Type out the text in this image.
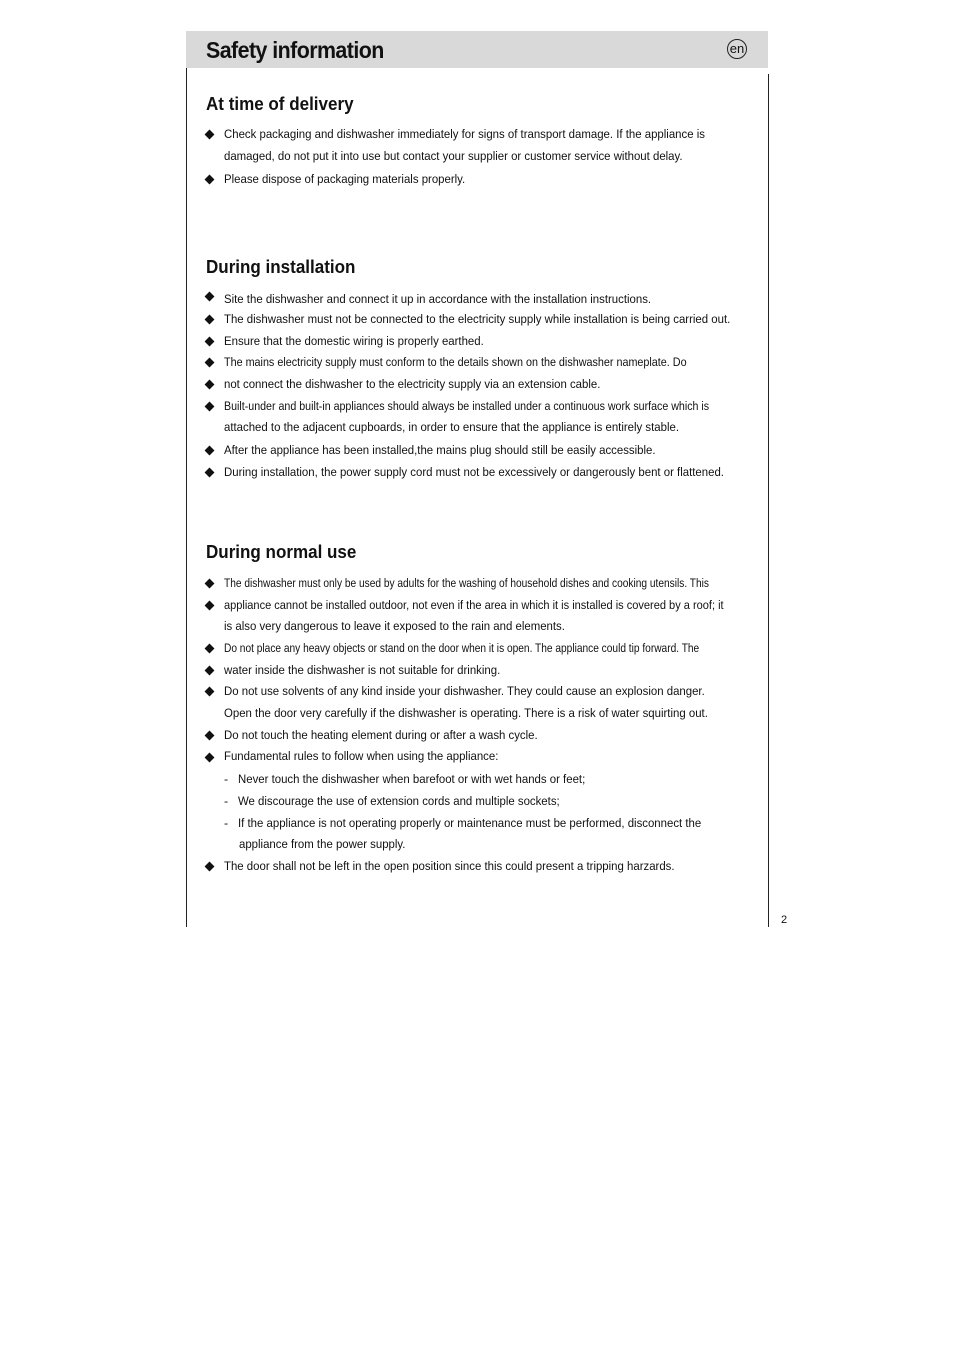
Safety information	en
At time of delivery
Check packaging and dishwasher immediately for signs of transport damage. If the appliance is
damaged, do not put it into use but contact your supplier or customer service without delay.
Please dispose of packaging materials properly.
During installation
Site the dishwasher and connect it up in accordance with the installation instructions.
The dishwasher must not be connected to the electricity supply while installation is being carried out.
Ensure that the domestic wiring is properly earthed.
The mains electricity supply must conform to the details shown on the dishwasher nameplate. Do
not connect the dishwasher to the electricity supply via an extension cable.
Built-under and built-in appliances should always be installed under a continuous work surface which is
attached to the adjacent cupboards, in order to ensure that the appliance is entirely stable.
After the appliance has been installed,the mains plug should still be easily accessible.
During installation, the power supply cord must not be excessively or dangerously bent or flattened.
During normal use
The dishwasher must only be used by adults for the washing of household dishes and cooking utensils. This
appliance cannot be installed outdoor, not even if the area in which it is installed is covered by a roof; it
is also very dangerous to leave it exposed to the rain and elements.
Do not place any heavy objects or stand on the door when it is open. The appliance could tip forward. The
water inside the dishwasher is not suitable for drinking.
Do not use solvents of any kind inside your dishwasher. They could cause an explosion danger.
Open the door very carefully if the dishwasher is operating. There is a risk of water squirting out.
Do not touch the heating element during or after a wash cycle.
Fundamental rules to follow when using the appliance:
- Never touch the dishwasher when barefoot or with wet hands or feet;
- We discourage the use of extension cords and multiple sockets;
- If the appliance is not operating properly or maintenance must be performed, disconnect the
appliance from the power supply.
The door shall not be left in the open position since this could present a tripping harzards.
2
